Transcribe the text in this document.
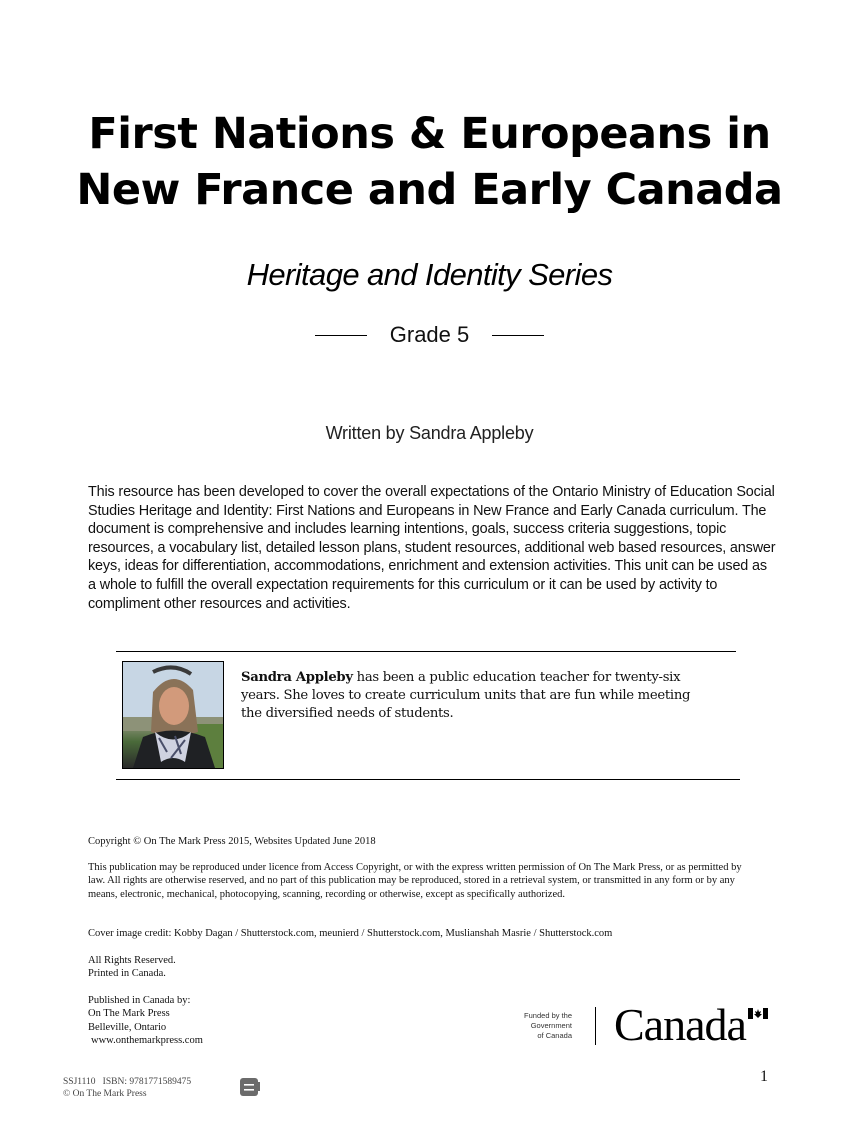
First Nations & Europeans in
New France and Early Canada
Heritage and Identity Series
Grade 5
Written by Sandra Appleby
This resource has been developed to cover the overall expectations of the Ontario Ministry of Education Social Studies Heritage and Identity: First Nations and Europeans in New France and Early Canada curriculum. The document is comprehensive and includes learning intentions, goals, success criteria suggestions, topic resources, a vocabulary list, detailed lesson plans, student resources, additional web based resources, answer keys, ideas for differentiation, accommodations, enrichment and extension activities. This unit can be used as a whole to fulfill the overall expectation requirements for this curriculum or it can be used by activity to compliment other resources and activities.
Sandra Appleby has been a public education teacher for twenty-six years. She loves to create curriculum units that are fun while meeting the diversified needs of students.
Copyright © On The Mark Press 2015, Websites Updated June 2018
This publication may be reproduced under licence from Access Copyright, or with the express written permission of On The Mark Press, or as permitted by law. All rights are otherwise reserved, and no part of this publication may be reproduced, stored in a retrieval system, or transmitted in any form or by any means, electronic, mechanical, photocopying, scanning, recording or otherwise, except as specifically authorized.
Cover image credit: Kobby Dagan / Shutterstock.com, meunierd / Shutterstock.com, Muslianshah Masrie / Shutterstock.com
All Rights Reserved.
Printed in Canada.
Published in Canada by:
On The Mark Press
Belleville, Ontario
www.onthemarkpress.com
Funded by the
Government
of Canada Canada
SSJ1110   ISBN: 9781771589475
© On The Mark Press
1
